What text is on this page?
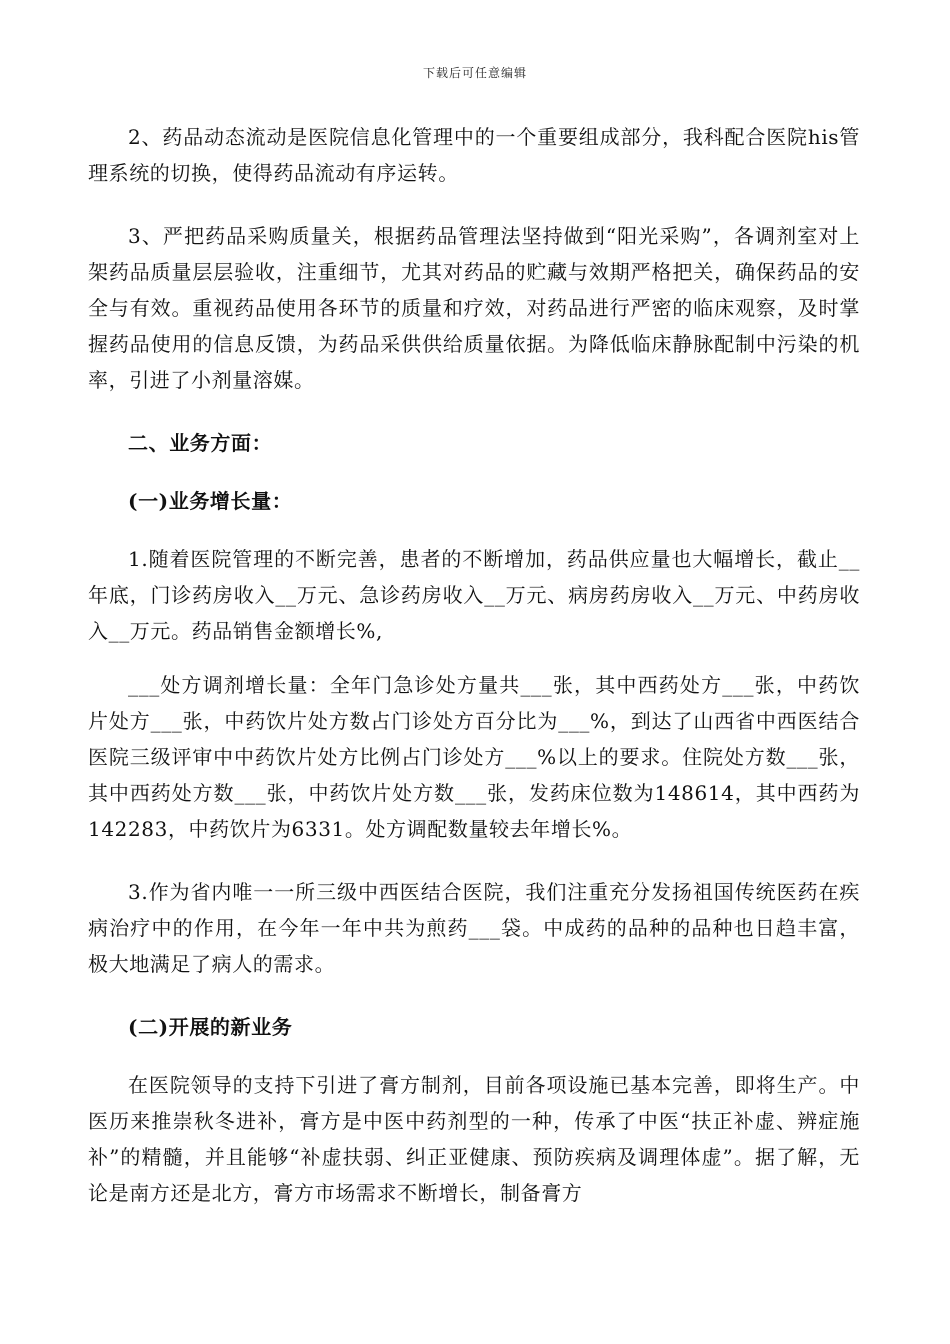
下载后可任意编辑

2、药品动态流动是医院信息化管理中的一个重要组成部分，我科配合医院his管理系统的切换，使得药品流动有序运转。

3、严把药品采购质量关，根据药品管理法坚持做到“阳光采购”，各调剂室对上架药品质量层层验收，注重细节，尤其对药品的贮藏与效期严格把关，确保药品的安全与有效。重视药品使用各环节的质量和疗效，对药品进行严密的临床观察，及时掌握药品使用的信息反馈，为药品采供供给质量依据。为降低临床静脉配制中污染的机率，引进了小剂量溶媒。

二、业务方面：

(一)业务增长量：

1.随着医院管理的不断完善，患者的不断增加，药品供应量也大幅增长，截止__年底，门诊药房收入__万元、急诊药房收入__万元、病房药房收入__万元、中药房收入__万元。药品销售金额增长%,

___处方调剂增长量：全年门急诊处方量共___张，其中西药处方___张，中药饮片处方___张，中药饮片处方数占门诊处方百分比为___%，到达了山西省中西医结合医院三级评审中中药饮片处方比例占门诊处方___%以上的要求。住院处方数___张，其中西药处方数___张，中药饮片处方数___张，发药床位数为148614，其中西药为142283，中药饮片为6331。处方调配数量较去年增长%。

3.作为省内唯一一所三级中西医结合医院，我们注重充分发扬祖国传统医药在疾病治疗中的作用，在今年一年中共为煎药___袋。中成药的品种的品种也日趋丰富，极大地满足了病人的需求。

(二)开展的新业务

在医院领导的支持下引进了膏方制剂，目前各项设施已基本完善，即将生产。中医历来推崇秋冬进补，膏方是中医中药剂型的一种，传承了中医“扶正补虚、辨症施补”的精髓，并且能够“补虚扶弱、纠正亚健康、预防疾病及调理体虚”。据了解，无论是南方还是北方，膏方市场需求不断增长，制备膏方
